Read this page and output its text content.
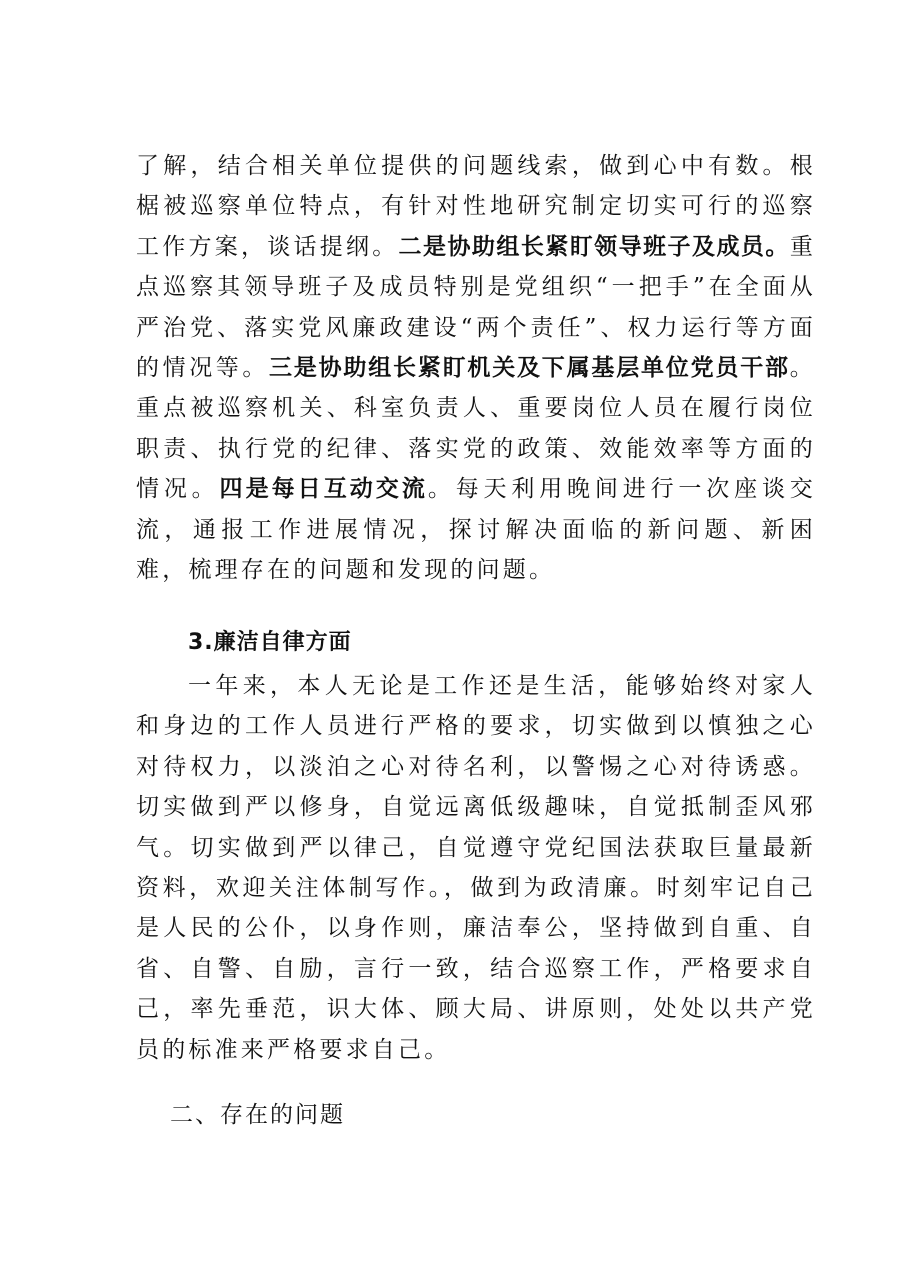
了解，结合相关单位提供的问题线索，做到心中有数。根椐被巡察单位特点，有针对性地研究制定切实可行的巡察工作方案，谈话提纲。二是协助组长紧盯领导班子及成员。重点巡察其领导班子及成员特别是党组织“一把手”在全面从严治党、落实党风廉政建设“两个责任”、权力运行等方面的情况等。三是协助组长紧盯机关及下属基层单位党员干部。重点被巡察机关、科室负责人、重要岗位人员在履行岗位职责、执行党的纪律、落实党的政策、效能效率等方面的情况。四是每日互动交流。每天利用晚间进行一次座谈交流，通报工作进展情况，探讨解决面临的新问题、新困难，梳理存在的问题和发现的问题。
3.廉洁自律方面
一年来，本人无论是工作还是生活，能够始终对家人和身边的工作人员进行严格的要求，切实做到以慎独之心对待权力，以淡泊之心对待名利，以警惕之心对待诱惑。切实做到严以修身，自觉远离低级趣味，自觉抵制歪风邪气。切实做到严以律己，自觉遵守党纪国法获取巨量最新资料，欢迎关注体制写作。，做到为政清廉。时刻牢记自己是人民的公仆，以身作则，廉洁奉公，坚持做到自重、自省、自警、自励，言行一致，结合巡察工作，严格要求自己，率先垂范，识大体、顾大局、讲原则，处处以共产党员的标准来严格要求自己。
二、存在的问题
